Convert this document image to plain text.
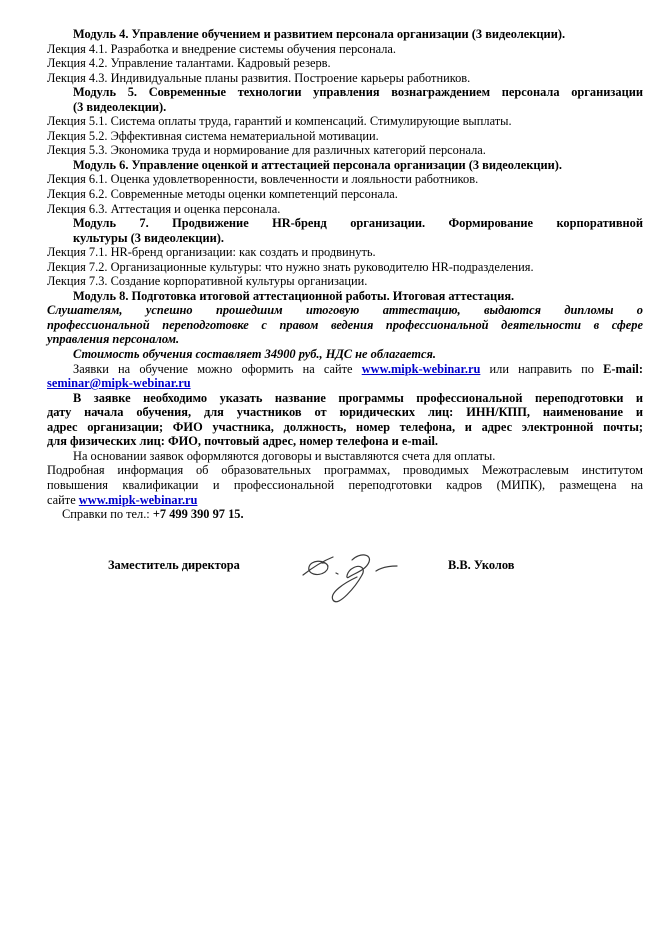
Модуль 4. Управление обучением и развитием персонала организации (3 видеолекции).
Лекция 4.1. Разработка и внедрение системы обучения персонала.
Лекция 4.2. Управление талантами. Кадровый резерв.
Лекция 4.3. Индивидуальные планы развития. Построение карьеры работников.
Модуль 5. Современные технологии управления вознаграждением персонала организации
(3 видеолекции).
Лекция 5.1. Система оплаты труда, гарантий и компенсаций. Стимулирующие выплаты.
Лекция 5.2. Эффективная система нематериальной мотивации.
Лекция 5.3. Экономика труда и нормирование для различных категорий персонала.
Модуль 6. Управление оценкой и аттестацией персонала организации (3 видеолекции).
Лекция 6.1. Оценка удовлетворенности, вовлеченности и лояльности работников.
Лекция 6.2. Современные методы оценки компетенций персонала.
Лекция 6.3. Аттестация и оценка персонала.
Модуль 7. Продвижение HR-бренд организации. Формирование корпоративной
культуры (3 видеолекции).
Лекция 7.1. HR-бренд организации: как создать и продвинуть.
Лекция 7.2. Организационные культуры: что нужно знать руководителю HR-подразделения.
Лекция 7.3. Создание корпоративной культуры организации.
Модуль 8. Подготовка итоговой аттестационной работы. Итоговая аттестация.
Слушателям, успешно прошедшим итоговую аттестацию, выдаются дипломы о
профессиональной переподготовке с правом ведения профессиональной деятельности в сфере
управления персоналом.
Стоимость обучения составляет 34900 руб., НДС не облагается.
Заявки на обучение можно оформить на сайте www.mipk-webinar.ru или направить по E-mail:
seminar@mipk-webinar.ru
В заявке необходимо указать название программы профессиональной переподготовки и
дату начала обучения, для участников от юридических лиц: ИНН/КПП, наименование и
адрес организации; ФИО участника, должность, номер телефона, и адрес электронной почты;
для физических лиц: ФИО, почтовый адрес, номер телефона и e-mail.
На основании заявок оформляются договоры и выставляются счета для оплаты.
Подробная информация об образовательных программах, проводимых Межотраслевым институтом
повышения квалификации и профессиональной переподготовки кадров (МИПК), размещена на
сайте www.mipk-webinar.ru
Справки по тел.: +7 499 390 97 15.
Заместитель директора	В.В. Уколов
